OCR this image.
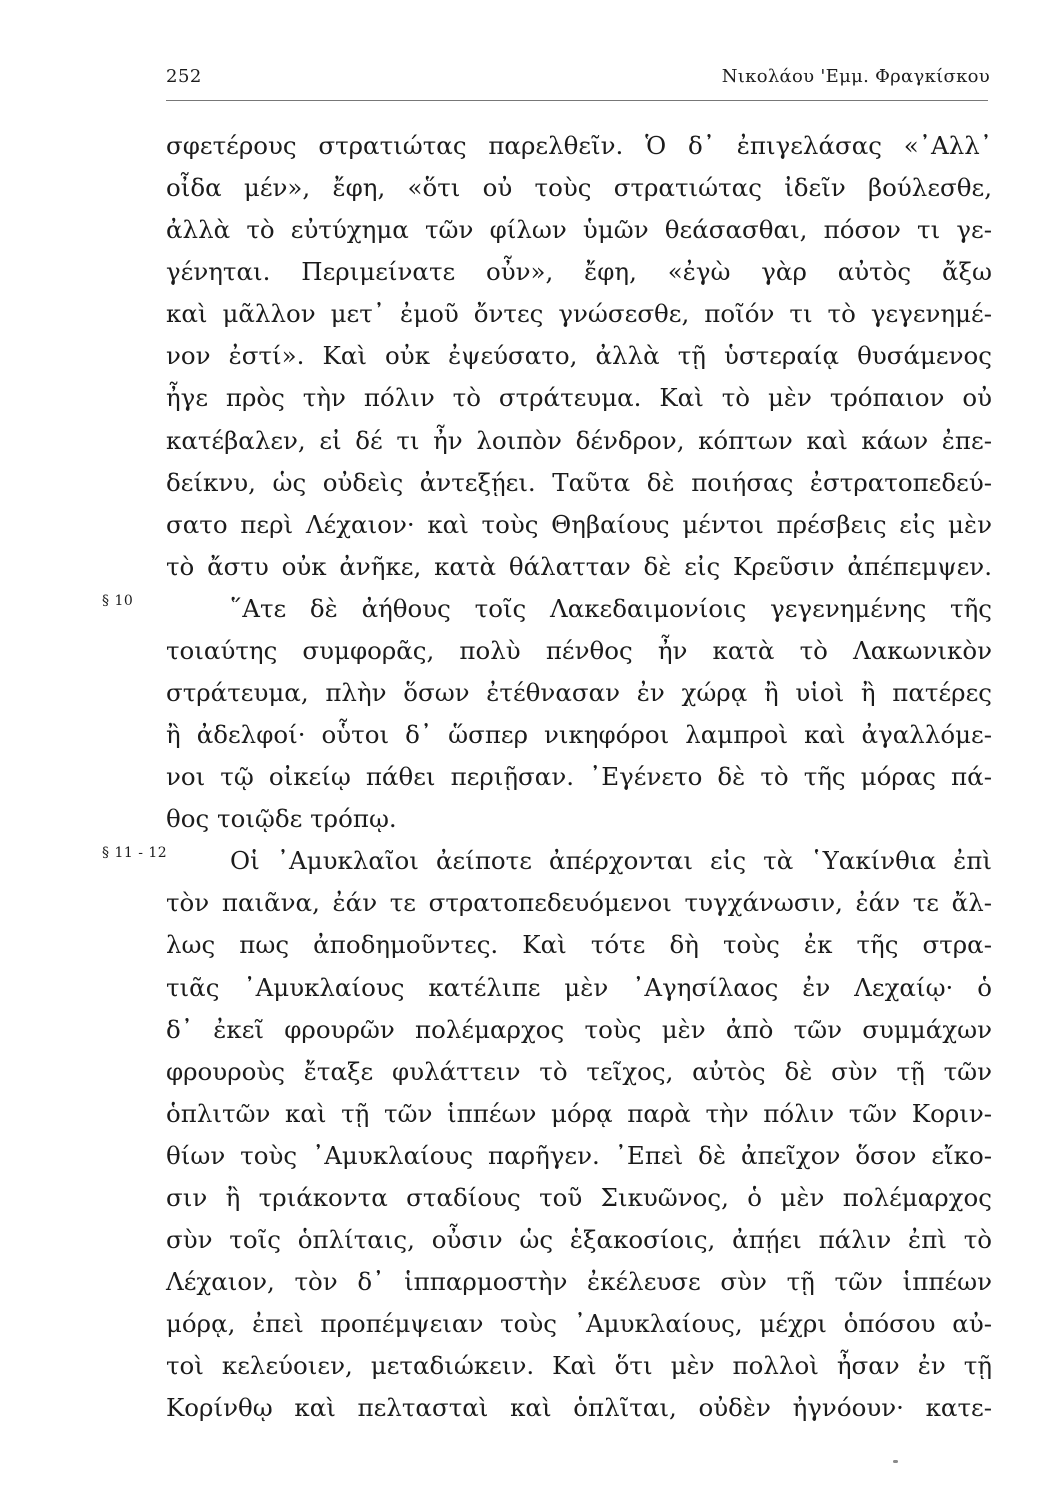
252	Νικολάου 'Εμμ. Φραγκίσκου
σφετέρους στρατιώτας παρελθεῖν. Ὁ δ᾽ ἐπιγελάσας «᾽Αλλ᾽
οἶδα μέν», ἔφη, «ὅτι οὐ τοὺς στρατιώτας ἰδεῖν βούλεσθε,
ἀλλὰ τὸ εὐτύχημα τῶν φίλων ὑμῶν θεάσασθαι, πόσον τι γε-
γένηται. Περιμείνατε οὖν», ἔφη, «ἐγὼ γὰρ αὐτὸς ἄξω
καὶ μᾶλλον μετ᾽ ἐμοῦ ὄντες γνώσεσθε, ποῖόν τι τὸ γεγενημέ-
νον ἐστί». Καὶ οὐκ ἐψεύσατο, ἀλλὰ τῇ ὑστεραίᾳ θυσάμενος
ἦγε πρὸς τὴν πόλιν τὸ στράτευμα. Καὶ τὸ μὲν τρόπαιον οὐ
κατέβαλεν, εἰ δέ τι ἦν λοιπὸν δένδρον, κόπτων καὶ κάων ἐπε-
δείκνυ, ὡς οὐδεὶς ἀντεξῄει. Ταῦτα δὲ ποιήσας ἐστρατοπεδεύ-
σατο περὶ Λέχαιον· καὶ τοὺς Θηβαίους μέντοι πρέσβεις εἰς μὲν
τὸ ἄστυ οὐκ ἀνῆκε, κατὰ θάλατταν δὲ εἰς Κρεῦσιν ἀπέπεμψεν.
§ 10	῞Ατε δὲ ἀήθους τοῖς Λακεδαιμονίοις γεγενημένης τῆς
τοιαύτης συμφορᾶς, πολὺ πένθος ἦν κατὰ τὸ Λακωνικὸν
στράτευμα, πλὴν ὅσων ἐτέθνασαν ἐν χώρᾳ ἢ υἱοὶ ἢ πατέρες
ἢ ἀδελφοί· οὗτοι δ᾽ ὥσπερ νικηφόροι λαμπροὶ καὶ ἀγαλλόμε-
νοι τῷ οἰκείῳ πάθει περιῇσαν. ᾽Εγένετο δὲ τὸ τῆς μόρας πά-
θος τοιῷδε τρόπῳ.
§ 11 - 12	Οἱ ᾽Αμυκλαῖοι ἀείποτε ἀπέρχονται εἰς τὰ ῾Υακίνθια ἐπὶ
τὸν παιᾶνα, ἐάν τε στρατοπεδευόμενοι τυγχάνωσιν, ἐάν τε ἄλ-
λως πως ἀποδημοῦντες. Καὶ τότε δὴ τοὺς ἐκ τῆς στρα-
τιᾶς ᾽Αμυκλαίους κατέλιπε μὲν ᾽Αγησίλαος ἐν Λεχαίῳ· ὁ
δ᾽ ἐκεῖ φρουρῶν πολέμαρχος τοὺς μὲν ἀπὸ τῶν συμμάχων
φρουροὺς ἔταξε φυλάττειν τὸ τεῖχος, αὐτὸς δὲ σὺν τῇ τῶν
ὁπλιτῶν καὶ τῇ τῶν ἱππέων μόρᾳ παρὰ τὴν πόλιν τῶν Κοριν-
θίων τοὺς ᾽Αμυκλαίους παρῆγεν. ᾽Επεὶ δὲ ἀπεῖχον ὅσον εἴκο-
σιν ἢ τριάκοντα σταδίους τοῦ Σικυῶνος, ὁ μὲν πολέμαρχος
σὺν τοῖς ὁπλίταις, οὖσιν ὡς ἑξακοσίοις, ἀπῄει πάλιν ἐπὶ τὸ
Λέχαιον, τὸν δ᾽ ἱππαρμοστὴν ἐκέλευσε σὺν τῇ τῶν ἱππέων
μόρᾳ, ἐπεὶ προπέμψειαν τοὺς ᾽Αμυκλαίους, μέχρι ὁπόσου αὐ-
τοὶ κελεύοιεν, μεταδιώκειν. Καὶ ὅτι μὲν πολλοὶ ἦσαν ἐν τῇ
Κορίνθῳ καὶ πελτασταὶ καὶ ὁπλῖται, οὐδὲν ἠγνόουν· κατε-
